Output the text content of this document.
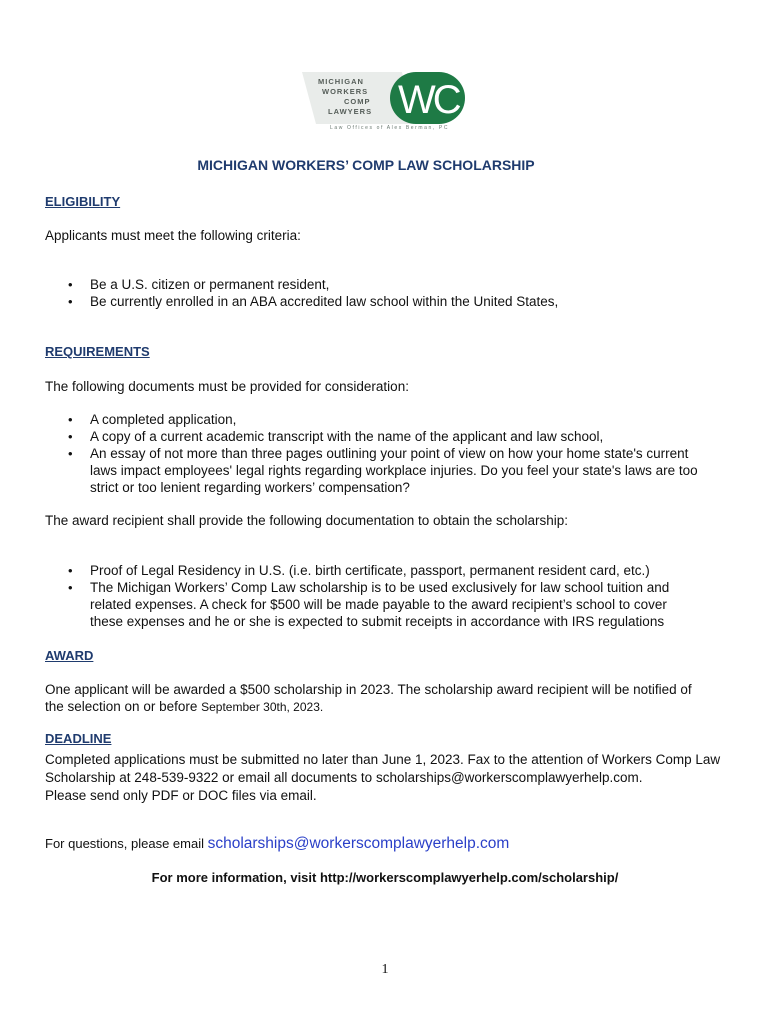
MICHIGAN
WORKERS
COMP
LAWYERS WC
Law Offices of Alex Berman, PC
MICHIGAN WORKERS’ COMP LAW SCHOLARSHIP
ELIGIBILITY
Applicants must meet the following criteria:
• Be a U.S. citizen or permanent resident,
• Be currently enrolled in an ABA accredited law school within the United States,
REQUIREMENTS
The following documents must be provided for consideration:
• A completed application,
• A copy of a current academic transcript with the name of the applicant and law school,
• An essay of not more than three pages outlining your point of view on how your home state's current
laws impact employees' legal rights regarding workplace injuries. Do you feel your state's laws are too
strict or too lenient regarding workers’ compensation?
The award recipient shall provide the following documentation to obtain the scholarship:
• Proof of Legal Residency in U.S. (i.e. birth certificate, passport, permanent resident card, etc.)
• The Michigan Workers’ Comp Law scholarship is to be used exclusively for law school tuition and
related expenses. A check for $500 will be made payable to the award recipient’s school to cover
these expenses and he or she is expected to submit receipts in accordance with IRS regulations
AWARD
One applicant will be awarded a $500 scholarship in 2023. The scholarship award recipient will be notified of
the selection on or before September 30th, 2023.
DEADLINE
Completed applications must be submitted no later than June 1, 2023. Fax to the attention of Workers Comp Law
Scholarship at 248-539-9322 or email all documents to scholarships@workerscomplawyerhelp.com.
Please send only PDF or DOC files via email.
For questions, please email scholarships@workerscomplawyerhelp.com
For more information, visit http://workerscomplawyerhelp.com/scholarship/
1
